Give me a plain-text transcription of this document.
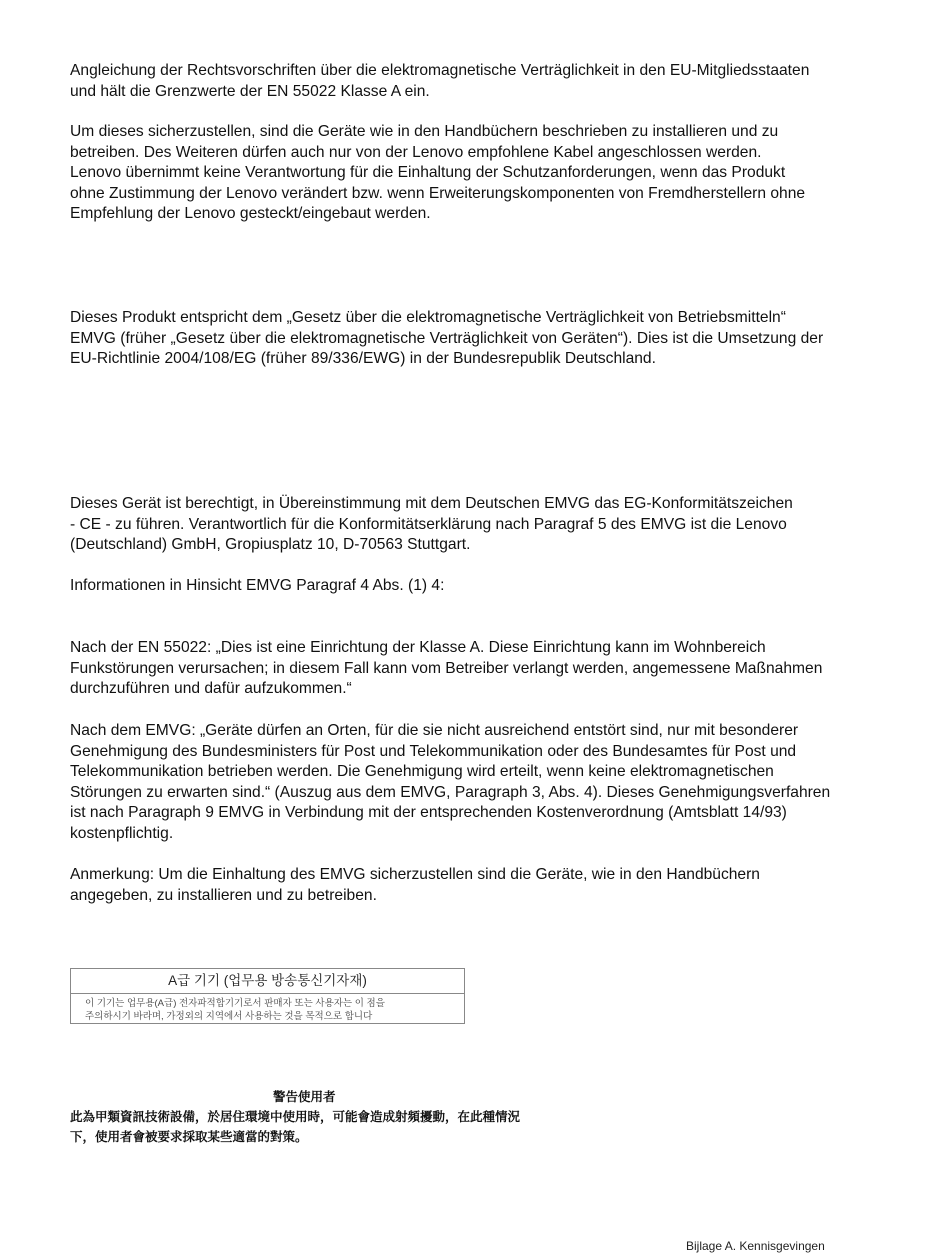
Angleichung der Rechtsvorschriften über die elektromagnetische Verträglichkeit in den EU-Mitgliedsstaaten
und hält die Grenzwerte der EN 55022 Klasse A ein.

Um dieses sicherzustellen, sind die Geräte wie in den Handbüchern beschrieben zu installieren und zu
betreiben. Des Weiteren dürfen auch nur von der Lenovo empfohlene Kabel angeschlossen werden.
Lenovo übernimmt keine Verantwortung für die Einhaltung der Schutzanforderungen, wenn das Produkt
ohne Zustimmung der Lenovo verändert bzw. wenn Erweiterungskomponenten von Fremdherstellern ohne
Empfehlung der Lenovo gesteckt/eingebaut werden.

Dieses Produkt entspricht dem „Gesetz über die elektromagnetische Verträglichkeit von Betriebsmitteln“
EMVG (früher „Gesetz über die elektromagnetische Verträglichkeit von Geräten“). Dies ist die Umsetzung der
EU-Richtlinie 2004/108/EG (früher 89/336/EWG) in der Bundesrepublik Deutschland.

Dieses Gerät ist berechtigt, in Übereinstimmung mit dem Deutschen EMVG das EG-Konformitätszeichen
- CE - zu führen. Verantwortlich für die Konformitätserklärung nach Paragraf 5 des EMVG ist die Lenovo
(Deutschland) GmbH, Gropiusplatz 10, D-70563 Stuttgart.

Informationen in Hinsicht EMVG Paragraf 4 Abs. (1) 4:

Nach der EN 55022: „Dies ist eine Einrichtung der Klasse A. Diese Einrichtung kann im Wohnbereich
Funkstörungen verursachen; in diesem Fall kann vom Betreiber verlangt werden, angemessene Maßnahmen
durchzuführen und dafür aufzukommen.“

Nach dem EMVG: „Geräte dürfen an Orten, für die sie nicht ausreichend entstört sind, nur mit besonderer
Genehmigung des Bundesministers für Post und Telekommunikation oder des Bundesamtes für Post und
Telekommunikation betrieben werden. Die Genehmigung wird erteilt, wenn keine elektromagnetischen
Störungen zu erwarten sind.“ (Auszug aus dem EMVG, Paragraph 3, Abs. 4). Dieses Genehmigungsverfahren
ist nach Paragraph 9 EMVG in Verbindung mit der entsprechenden Kostenverordnung (Amtsblatt 14/93)
kostenpflichtig.

Anmerkung: Um die Einhaltung des EMVG sicherzustellen sind die Geräte, wie in den Handbüchern
angegeben, zu installieren und zu betreiben.

A급 기기 (업무용 방송통신기자재)
이 기기는 업무용(A급) 전자파적합기기로서 판매자 또는 사용자는 이 점을
주의하시기 바라며, 가정외의 지역에서 사용하는 것을 목적으로 합니다
警告使用者
此為甲類資訊技術設備，於居住環境中使用時，可能會造成射頻擾動，在此種情況
下，使用者會被要求採取某些適當的對策。
Bijlage A. Kennisgevingen
